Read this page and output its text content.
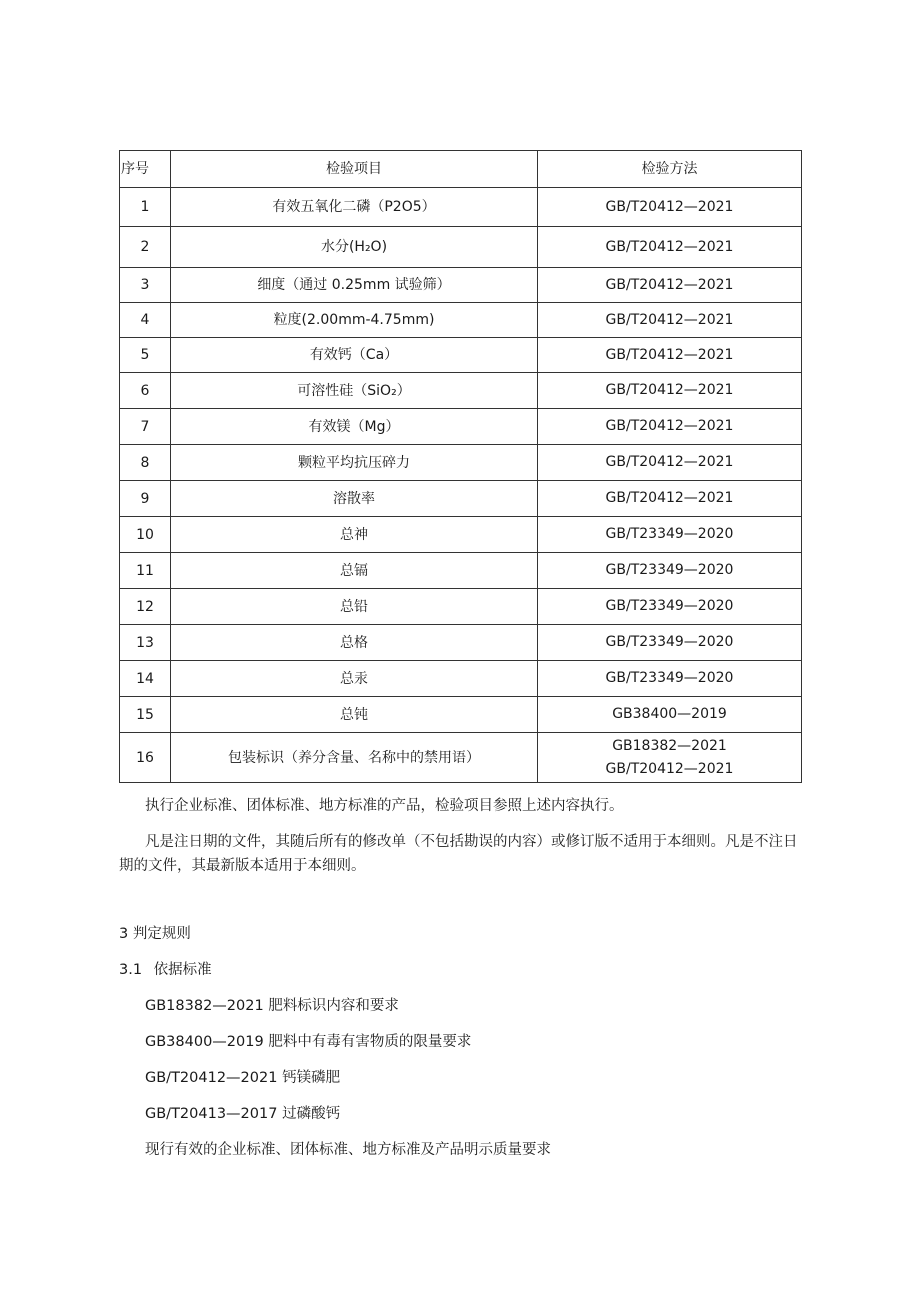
序号	检验项目	检验方法
1	有效五氧化二磷（P2O5）	GB/T20412—2021

2	水分(H₂O)	GB/T20412—2021

3	细度（通过 0.25mm 试验筛）	GB/T20412—2021

4	粒度(2.00mm-4.75mm)	GB/T20412—2021

5	有效钙（Ca）	GB/T20412—2021

6	可溶性硅（SiO₂）	GB/T20412—2021

7	有效镁（Mg）	GB/T20412—2021

8	颗粒平均抗压碎力	GB/T20412—2021

9	溶散率	GB/T20412—2021

10	总神	GB/T23349—2020

11	总镉	GB/T23349—2020

12	总铅	GB/T23349—2020

13	总格	GB/T23349—2020

14	总汞	GB/T23349—2020

15	总钝	GB38400—2019

16	包装标识（养分含量、名称中的禁用语）	GB18382—2021
GB/T20412—2021

执行企业标准、团体标准、地方标准的产品，检验项目参照上述内容执行。

凡是注日期的文件，其随后所有的修改单（不包括勘误的内容）或修订版不适用于本细则。凡是不注日期的文件，其最新版本适用于本细则。

3 判定规则

3.1 依据标准

GB18382—2021 肥料标识内容和要求

GB38400—2019 肥料中有毒有害物质的限量要求

GB/T20412—2021 钙镁磷肥

GB/T20413—2017 过磷酸钙

现行有效的企业标准、团体标准、地方标准及产品明示质量要求
